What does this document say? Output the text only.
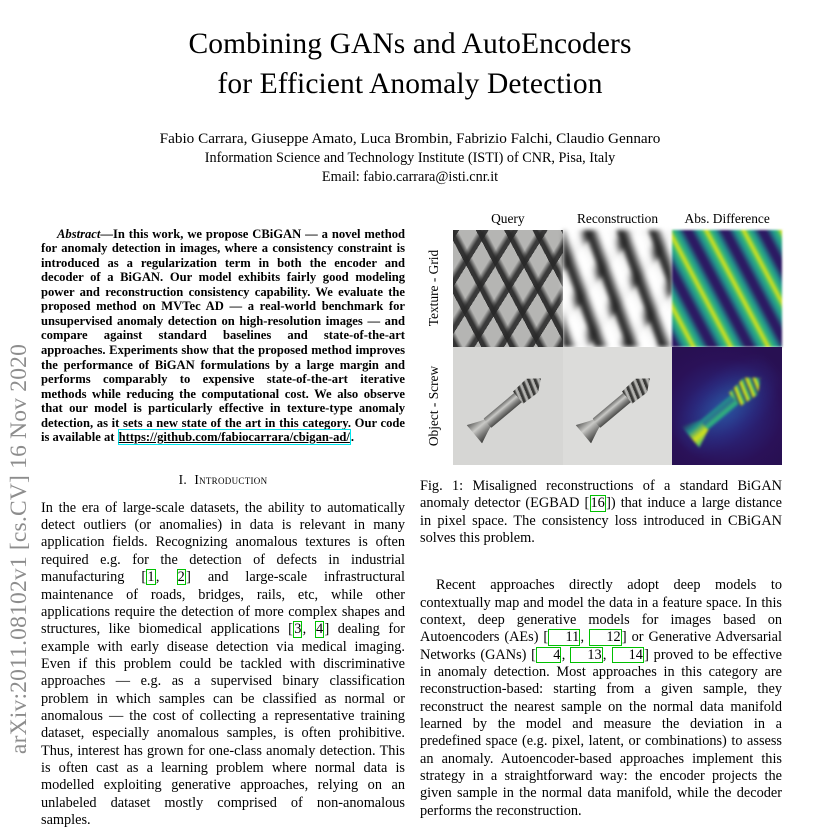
arXiv:2011.08102v1 [cs.CV] 16 Nov 2020
Combining GANs and AutoEncoders
for Efficient Anomaly Detection
Fabio Carrara, Giuseppe Amato, Luca Brombin, Fabrizio Falchi, Claudio Gennaro
Information Science and Technology Institute (ISTI) of CNR, Pisa, Italy
Email: fabio.carrara@isti.cnr.it

Abstract—In this work, we propose CBiGAN — a novel method for anomaly detection in images, where a consistency constraint is introduced as a regularization term in both the encoder and decoder of a BiGAN. Our model exhibits fairly good modeling power and reconstruction consistency capability. We evaluate the proposed method on MVTec AD — a real-world benchmark for unsupervised anomaly detection on high-resolution images — and compare against standard baselines and state-of-the-art approaches. Experiments show that the proposed method improves the performance of BiGAN formulations by a large margin and performs comparably to expensive state-of-the-art iterative methods while reducing the computational cost. We also observe that our model is particularly effective in texture-type anomaly detection, as it sets a new state of the art in this category. Our code is available at https://github.com/fabiocarrara/cbigan-ad/.

I. Introduction

In the era of large-scale datasets, the ability to automatically detect outliers (or anomalies) in data is relevant in many application fields. Recognizing anomalous textures is often required e.g. for the detection of defects in industrial manufacturing [1, 2] and large-scale infrastructural maintenance of roads, bridges, rails, etc, while other applications require the detection of more complex shapes and structures, like biomedical applications [3, 4] dealing for example with early disease detection via medical imaging. Even if this problem could be tackled with discriminative approaches — e.g. as a supervised binary classification problem in which samples can be classified as normal or anomalous — the cost of collecting a representative training dataset, especially anomalous samples, is often prohibitive. Thus, interest has grown for one-class anomaly detection. This is often cast as a learning problem where normal data is modelled exploiting generative approaches, relying on an unlabeled dataset mostly comprised of non-anomalous samples.

Query	Reconstruction	Abs. Difference
Texture - Grid
Object - Screw

Fig. 1: Misaligned reconstructions of a standard BiGAN anomaly detector (EGBAD [16]) that induce a large distance in pixel space. The consistency loss introduced in CBiGAN solves this problem.

Recent approaches directly adopt deep models to contextually map and model the data in a feature space. In this context, deep generative models for images based on Autoencoders (AEs) [ 11, 12] or Generative Adversarial Networks (GANs) [ 4, 13, 14] proved to be effective in anomaly detection. Most approaches in this category are reconstruction-based: starting from a given sample, they reconstruct the nearest sample on the normal data manifold learned by the model and measure the deviation in a predefined space (e.g. pixel, latent, or combinations) to assess an anomaly. Autoencoder-based approaches implement this strategy in a straightforward way: the encoder projects the given sample in the normal data manifold, while the decoder performs the reconstruction.
